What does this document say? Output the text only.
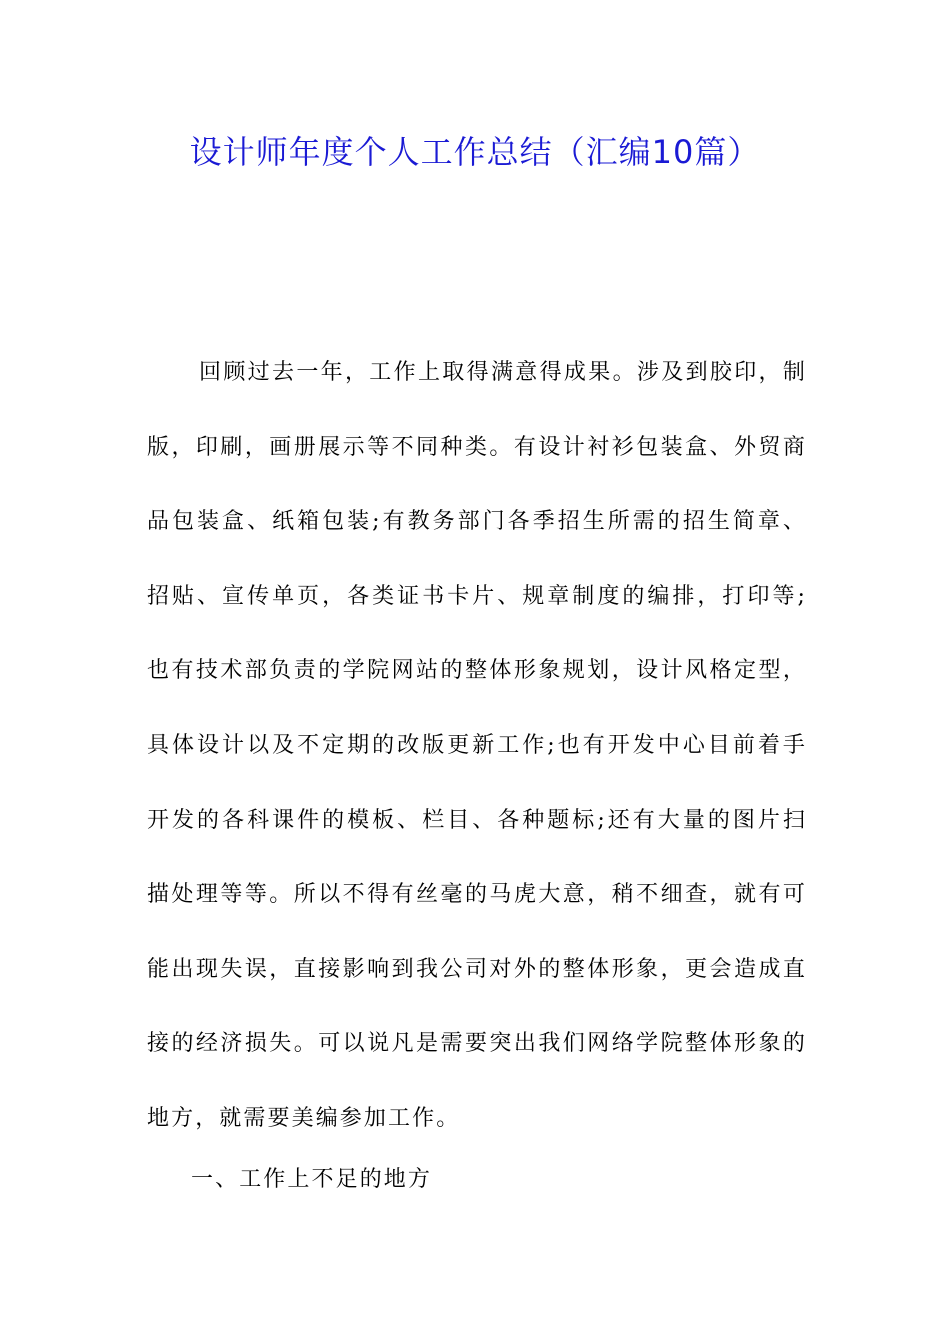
设计师年度个人工作总结（汇编10篇）

回顾过去一年，工作上取得满意得成果。涉及到胶印，制版，印刷，画册展示等不同种类。有设计衬衫包装盒、外贸商品包装盒、纸箱包装;有教务部门各季招生所需的招生简章、招贴、宣传单页，各类证书卡片、规章制度的编排，打印等;也有技术部负责的学院网站的整体形象规划，设计风格定型，具体设计以及不定期的改版更新工作;也有开发中心目前着手开发的各科课件的模板、栏目、各种题标;还有大量的图片扫描处理等等。所以不得有丝毫的马虎大意，稍不细查，就有可能出现失误，直接影响到我公司对外的整体形象，更会造成直接的经济损失。可以说凡是需要突出我们网络学院整体形象的地方，就需要美编参加工作。

一、工作上不足的地方
